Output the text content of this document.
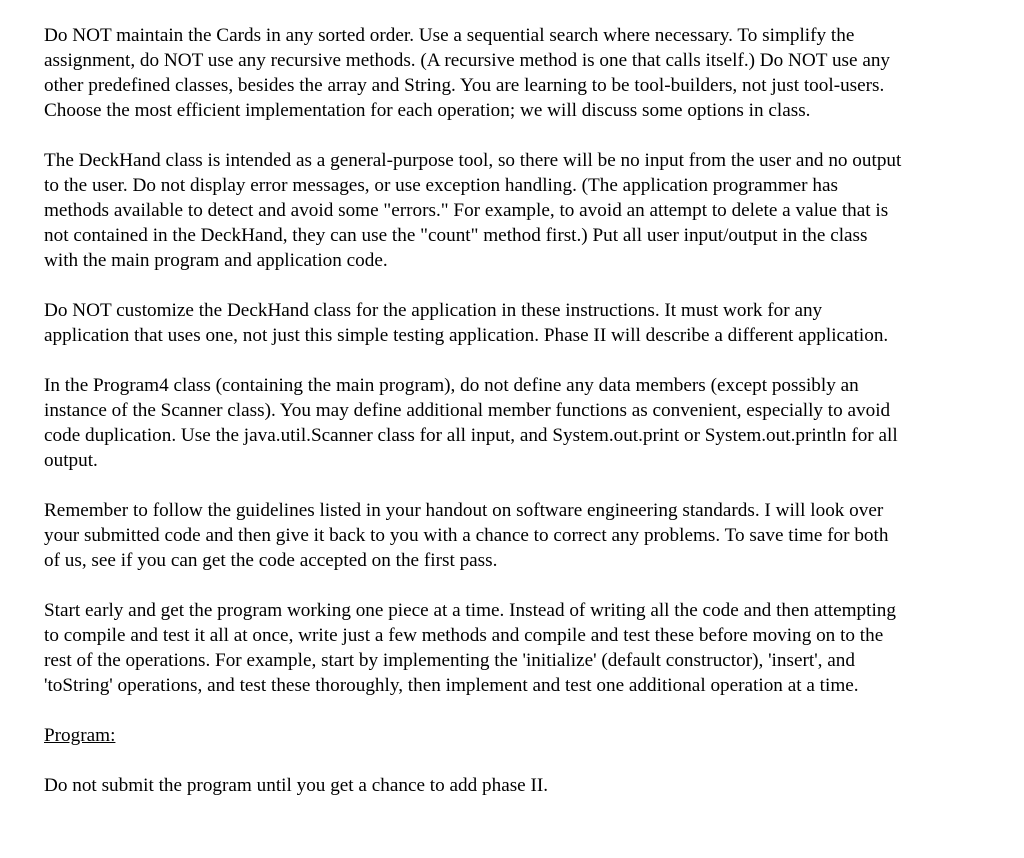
Do NOT maintain the Cards in any sorted order. Use a sequential search where necessary. To simplify the
assignment, do NOT use any recursive methods. (A recursive method is one that calls itself.) Do NOT use any
other predefined classes, besides the array and String. You are learning to be tool-builders, not just tool-users.
Choose the most efficient implementation for each operation; we will discuss some options in class.

The DeckHand class is intended as a general-purpose tool, so there will be no input from the user and no output
to the user. Do not display error messages, or use exception handling. (The application programmer has
methods available to detect and avoid some "errors." For example, to avoid an attempt to delete a value that is
not contained in the DeckHand, they can use the "count" method first.) Put all user input/output in the class
with the main program and application code.

Do NOT customize the DeckHand class for the application in these instructions. It must work for any
application that uses one, not just this simple testing application. Phase II will describe a different application.

In the Program4 class (containing the main program), do not define any data members (except possibly an
instance of the Scanner class). You may define additional member functions as convenient, especially to avoid
code duplication. Use the java.util.Scanner class for all input, and System.out.print or System.out.println for all
output.

Remember to follow the guidelines listed in your handout on software engineering standards. I will look over
your submitted code and then give it back to you with a chance to correct any problems. To save time for both
of us, see if you can get the code accepted on the first pass.

Start early and get the program working one piece at a time. Instead of writing all the code and then attempting
to compile and test it all at once, write just a few methods and compile and test these before moving on to the
rest of the operations. For example, start by implementing the 'initialize' (default constructor), 'insert', and
'toString' operations, and test these thoroughly, then implement and test one additional operation at a time.

Program:

Do not submit the program until you get a chance to add phase II.
